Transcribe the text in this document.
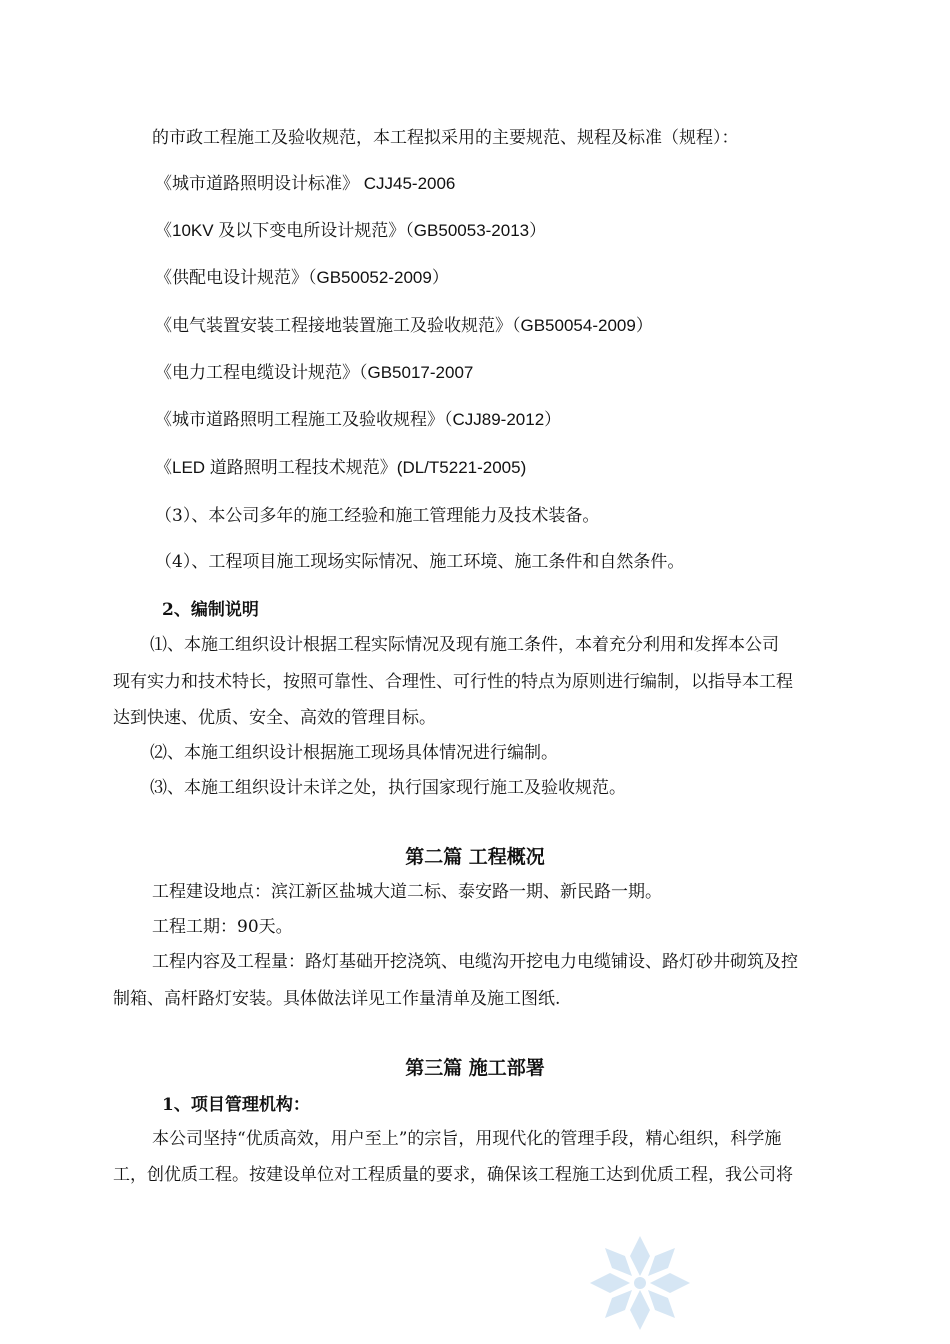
的市政工程施工及验收规范，本工程拟采用的主要规范、规程及标准（规程）：
《城市道路照明设计标准》 CJJ45-2006
《10KV 及以下变电所设计规范》（GB50053-2013）
《供配电设计规范》（GB50052-2009）
《电气装置安装工程接地装置施工及验收规范》（GB50054-2009）
《电力工程电缆设计规范》（GB5017-2007
《城市道路照明工程施工及验收规程》（CJJ89-2012）
《LED 道路照明工程技术规范》(DL/T5221-2005)
（3）、本公司多年的施工经验和施工管理能力及技术装备。
（4）、工程项目施工现场实际情况、施工环境、施工条件和自然条件。
2、编制说明
⑴、本施工组织设计根据工程实际情况及现有施工条件，本着充分利用和发挥本公司
现有实力和技术特长，按照可靠性、合理性、可行性的特点为原则进行编制，以指导本工程
达到快速、优质、安全、高效的管理目标。
⑵、本施工组织设计根据施工现场具体情况进行编制。
⑶、本施工组织设计未详之处，执行国家现行施工及验收规范。
第二篇 工程概况
工程建设地点：滨江新区盐城大道二标、泰安路一期、新民路一期。
工程工期：90天。
工程内容及工程量：路灯基础开挖浇筑、电缆沟开挖电力电缆铺设、路灯砂井砌筑及控
制箱、高杆路灯安装。具体做法详见工作量清单及施工图纸.
第三篇 施工部署
1、项目管理机构：
本公司坚持“优质高效，用户至上”的宗旨，用现代化的管理手段，精心组织，科学施
工，创优质工程。按建设单位对工程质量的要求，确保该工程施工达到优质工程，我公司将
